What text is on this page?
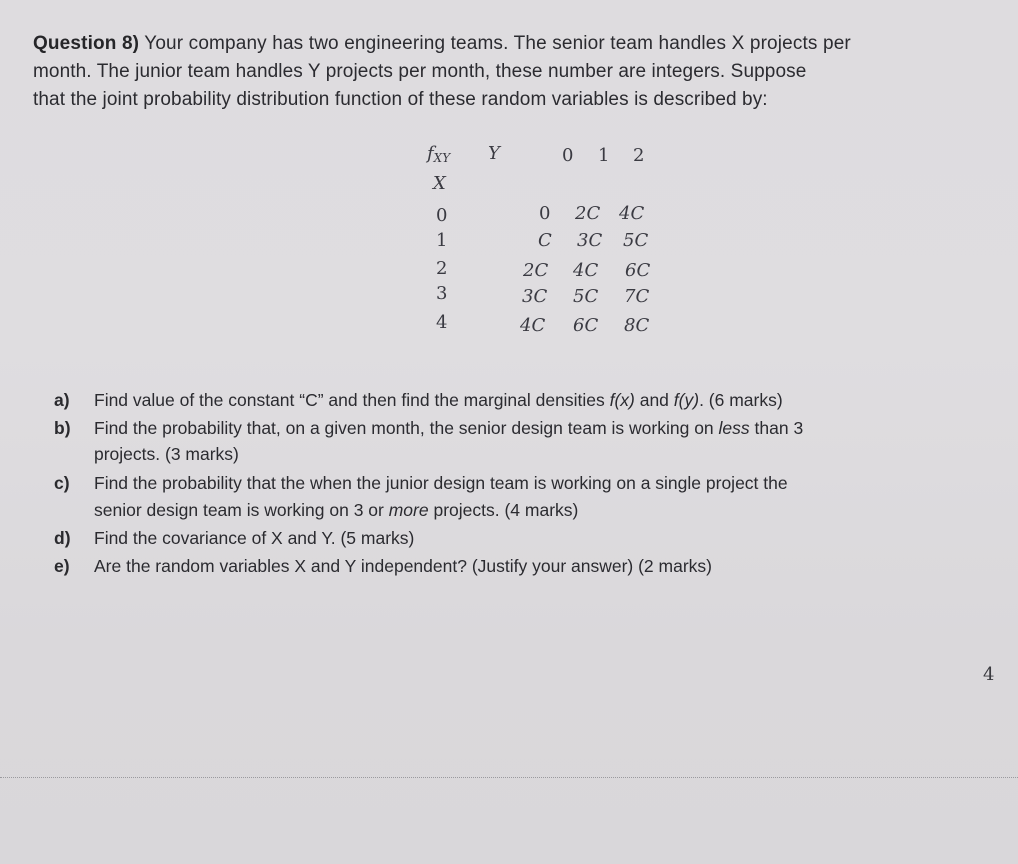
Question 8) Your company has two engineering teams. The senior team handles X projects per
month. The junior team handles Y projects per month, these number are integers. Suppose
that the joint probability distribution function of these random variables is described by:
$f_{XY}$ Y	0 1 2
X
0
1
2
3
4
0 2C 4C
C 3C 5C
2C 4C 6C
3C 5C 7C
4C 6C 8C
a) Find value of the constant “C” and then find the marginal densities f(x) and f(y). (6 marks)
b) Find the probability that, on a given month, the senior design team is working on less than 3
projects. (3 marks)
c) Find the probability that the when the junior design team is working on a single project the
senior design team is working on 3 or more projects. (4 marks)
d) Find the covariance of X and Y. (5 marks)
e) Are the random variables X and Y independent? (Justify your answer) (2 marks)
4
